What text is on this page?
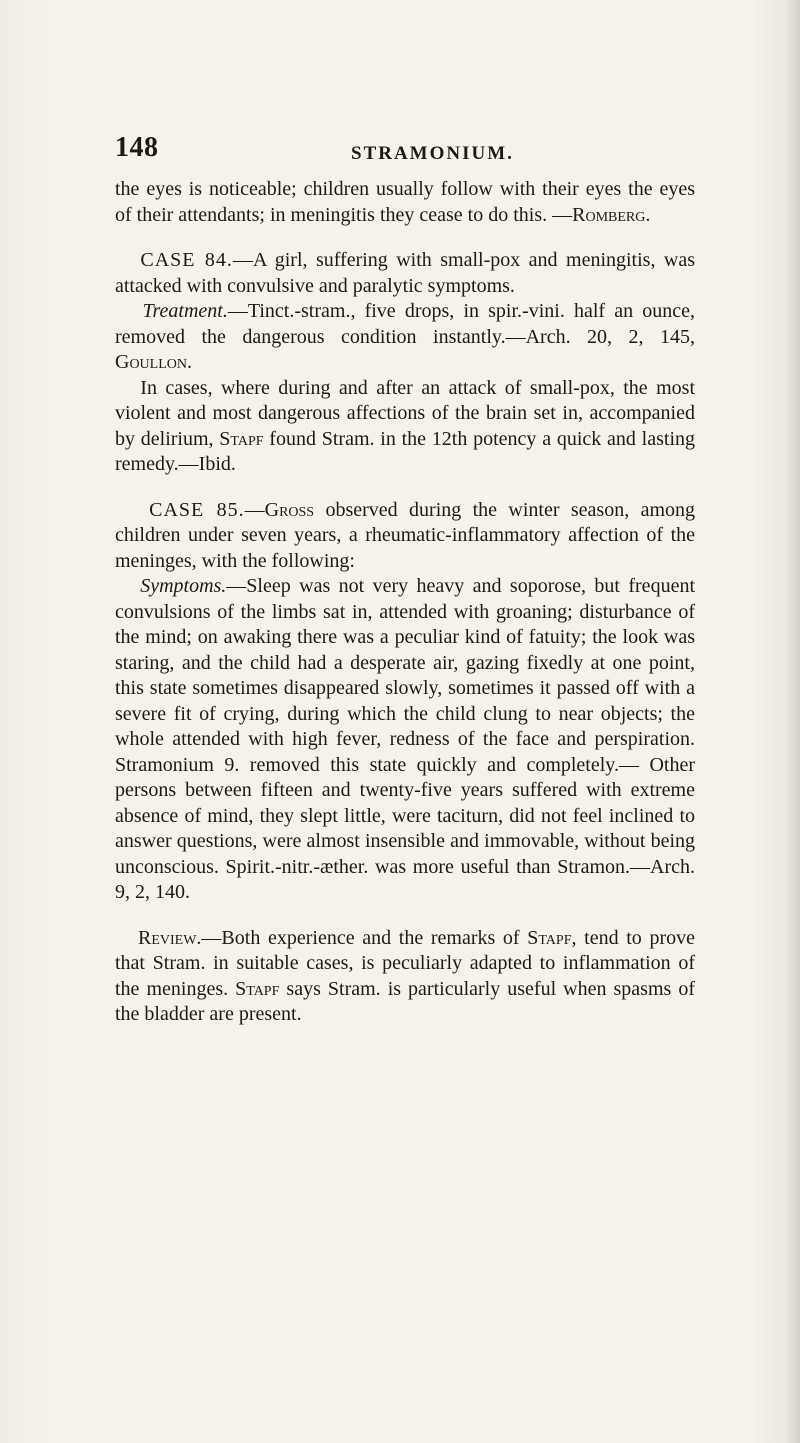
148	STRAMONIUM.

the eyes is noticeable; children usually follow with their eyes the eyes of their attendants; in meningitis they cease to do this. —Romberg.

CASE 84.—A girl, suffering with small-pox and meningitis, was attacked with convulsive and paralytic symptoms.

Treatment.—Tinct.-stram., five drops, in spir.-vini. half an ounce, removed the dangerous condition instantly.—Arch. 20, 2, 145, Goullon.

In cases, where during and after an attack of small-pox, the most violent and most dangerous affections of the brain set in, accompanied by delirium, Stapf found Stram. in the 12th potency a quick and lasting remedy.—Ibid.

CASE 85.—Gross observed during the winter season, among children under seven years, a rheumatic-inflammatory affection of the meninges, with the following:

Symptoms.—Sleep was not very heavy and soporose, but frequent convulsions of the limbs sat in, attended with groaning; disturbance of the mind; on awaking there was a peculiar kind of fatuity; the look was staring, and the child had a desperate air, gazing fixedly at one point, this state sometimes disappeared slowly, sometimes it passed off with a severe fit of crying, during which the child clung to near objects; the whole attended with high fever, redness of the face and perspiration. Stramonium 9. removed this state quickly and completely.— Other persons between fifteen and twenty-five years suffered with extreme absence of mind, they slept little, were taciturn, did not feel inclined to answer questions, were almost insensible and immovable, without being unconscious. Spirit.-nitr.-æther. was more useful than Stramon.—Arch. 9, 2, 140.

Review.—Both experience and the remarks of Stapf, tend to prove that Stram. in suitable cases, is peculiarly adapted to inflammation of the meninges. Stapf says Stram. is particularly useful when spasms of the bladder are present.
